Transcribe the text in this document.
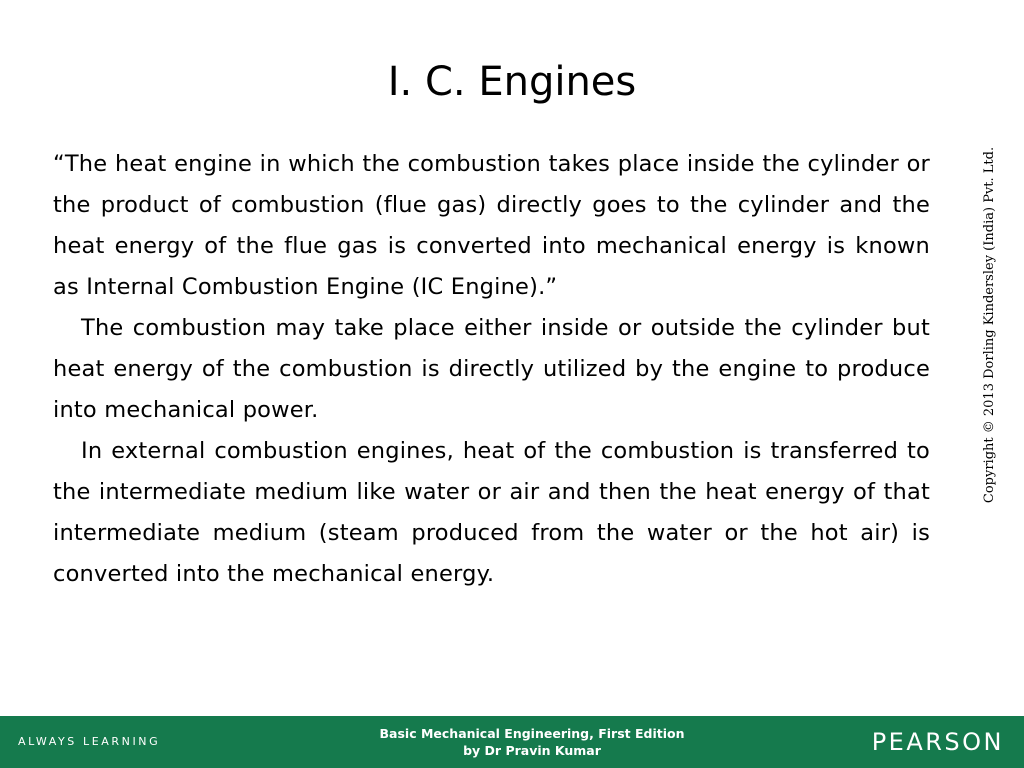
I. C. Engines

“The heat engine in which the combustion takes place inside the cylinder or the product of combustion (flue gas) directly goes to the cylinder and the heat energy of the flue gas is converted into mechanical energy is known as Internal Combustion Engine (IC Engine).”

The combustion may take place either inside or outside the cylinder but heat energy of the combustion is directly utilized by the engine to produce into mechanical power.

In external combustion engines, heat of the combustion is transferred to the intermediate medium like water or air and then the heat energy of that intermediate medium (steam produced from the water or the hot air) is converted into the mechanical energy.

Copyright © 2013 Dorling Kindersley (India) Pvt. Ltd.
ALWAYS LEARNING
Basic Mechanical Engineering, First Edition
by Dr Pravin Kumar	PEARSON
